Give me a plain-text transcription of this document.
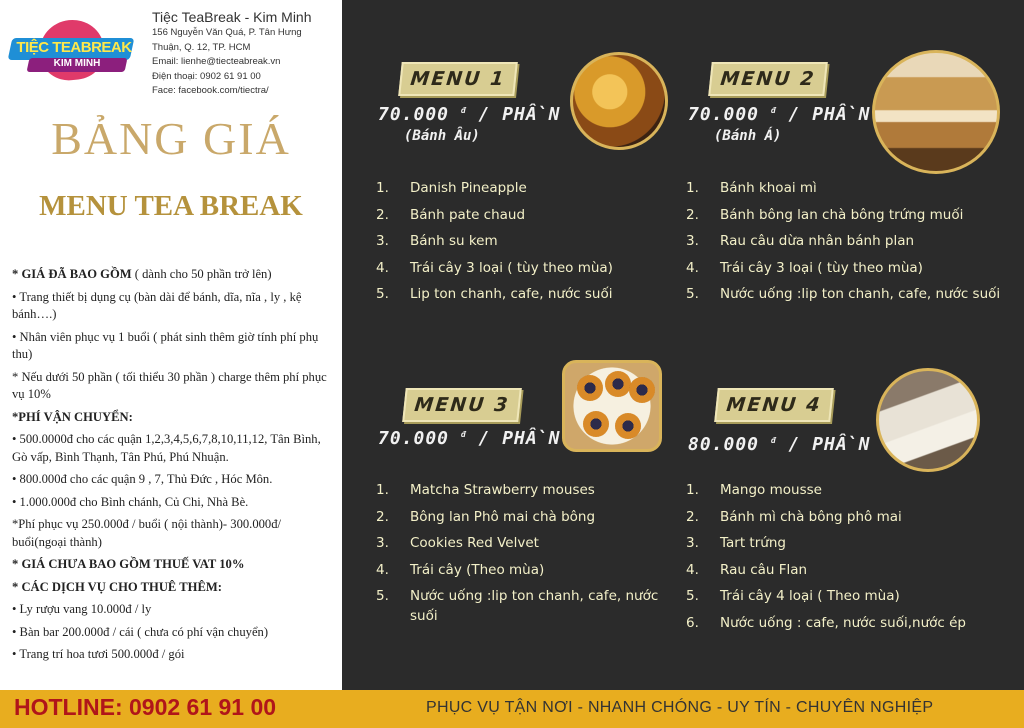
TIỆC TEABREAK
KIM MINH
Tiệc TeaBreak - Kim Minh
156 Nguyễn Văn Quá, P. Tân Hưng
Thuận, Q. 12, TP. HCM
Email: lienhe@tiecteabreak.vn
Điện thoại: 0902 61 91 00
Face: facebook.com/tiectra/
BẢNG GIÁ
MENU TEA BREAK
* GIÁ ĐÃ BAO GỒM ( dành cho 50 phần trở lên)
• Trang thiết bị dụng cụ (bàn dài để bánh, dĩa, nĩa , ly , kệ bánh….)
• Nhân viên phục vụ 1 buổi ( phát sinh thêm giờ tính phí phụ thu)
* Nếu dưới 50 phần ( tối thiểu 30 phần ) charge thêm phí phục vụ 10%
*PHÍ VẬN CHUYỂN:
• 500.0000đ cho các quận 1,2,3,4,5,6,7,8,10,11,12, Tân Bình, Gò vấp, Bình Thạnh, Tân Phú, Phú Nhuận.
• 800.000đ cho các quận 9 , 7, Thủ Đức , Hóc Môn.
• 1.000.000đ cho Bình chánh, Củ Chi, Nhà Bè.
*Phí phục vụ 250.000đ / buổi ( nội thành)- 300.000đ/ buổi(ngoại thành)
* GIÁ CHƯA BAO GỒM THUẾ VAT 10%
* CÁC DỊCH VỤ CHO THUÊ THÊM:
• Ly rượu vang 10.000đ / ly
• Bàn bar 200.000đ / cái ( chưa có phí vận chuyển)
• Trang trí hoa tươi 500.000đ / gói
MENU 1
70.000 $^đ$ / PHẦN
(Bánh Âu)
1. Danish Pineapple
2. Bánh pate chaud
3. Bánh su kem
4. Trái cây 3 loại ( tùy theo mùa)
5. Lip ton chanh, cafe, nước suối
MENU 2
70.000 $^đ$ / PHẦN
(Bánh Á)
1. Bánh khoai mì
2. Bánh bông lan chà bông trứng muối
3. Rau câu dừa nhân bánh plan
4. Trái cây 3 loại ( tùy theo mùa)
5. Nước uống :lip ton chanh, cafe, nước suối
MENU 3
70.000 $^đ$ / PHẦN
1. Matcha Strawberry mouses
2. Bông lan Phô mai chà bông
3. Cookies Red Velvet
4. Trái cây (Theo mùa)
Nước uống :lip ton chanh, cafe, nước suối
5.
MENU 4
80.000 $^đ$ / PHẦN
1. Mango mousse
2. Bánh mì chà bông phô mai
3. Tart trứng
4. Rau câu Flan
5. Trái cây 4 loại ( Theo mùa)
6. Nước uống : cafe, nước suối,nước ép
HOTLINE: 0902 61 91 00	PHỤC VỤ TẬN NƠI - NHANH CHÓNG - UY TÍN - CHUYÊN NGHIỆP
